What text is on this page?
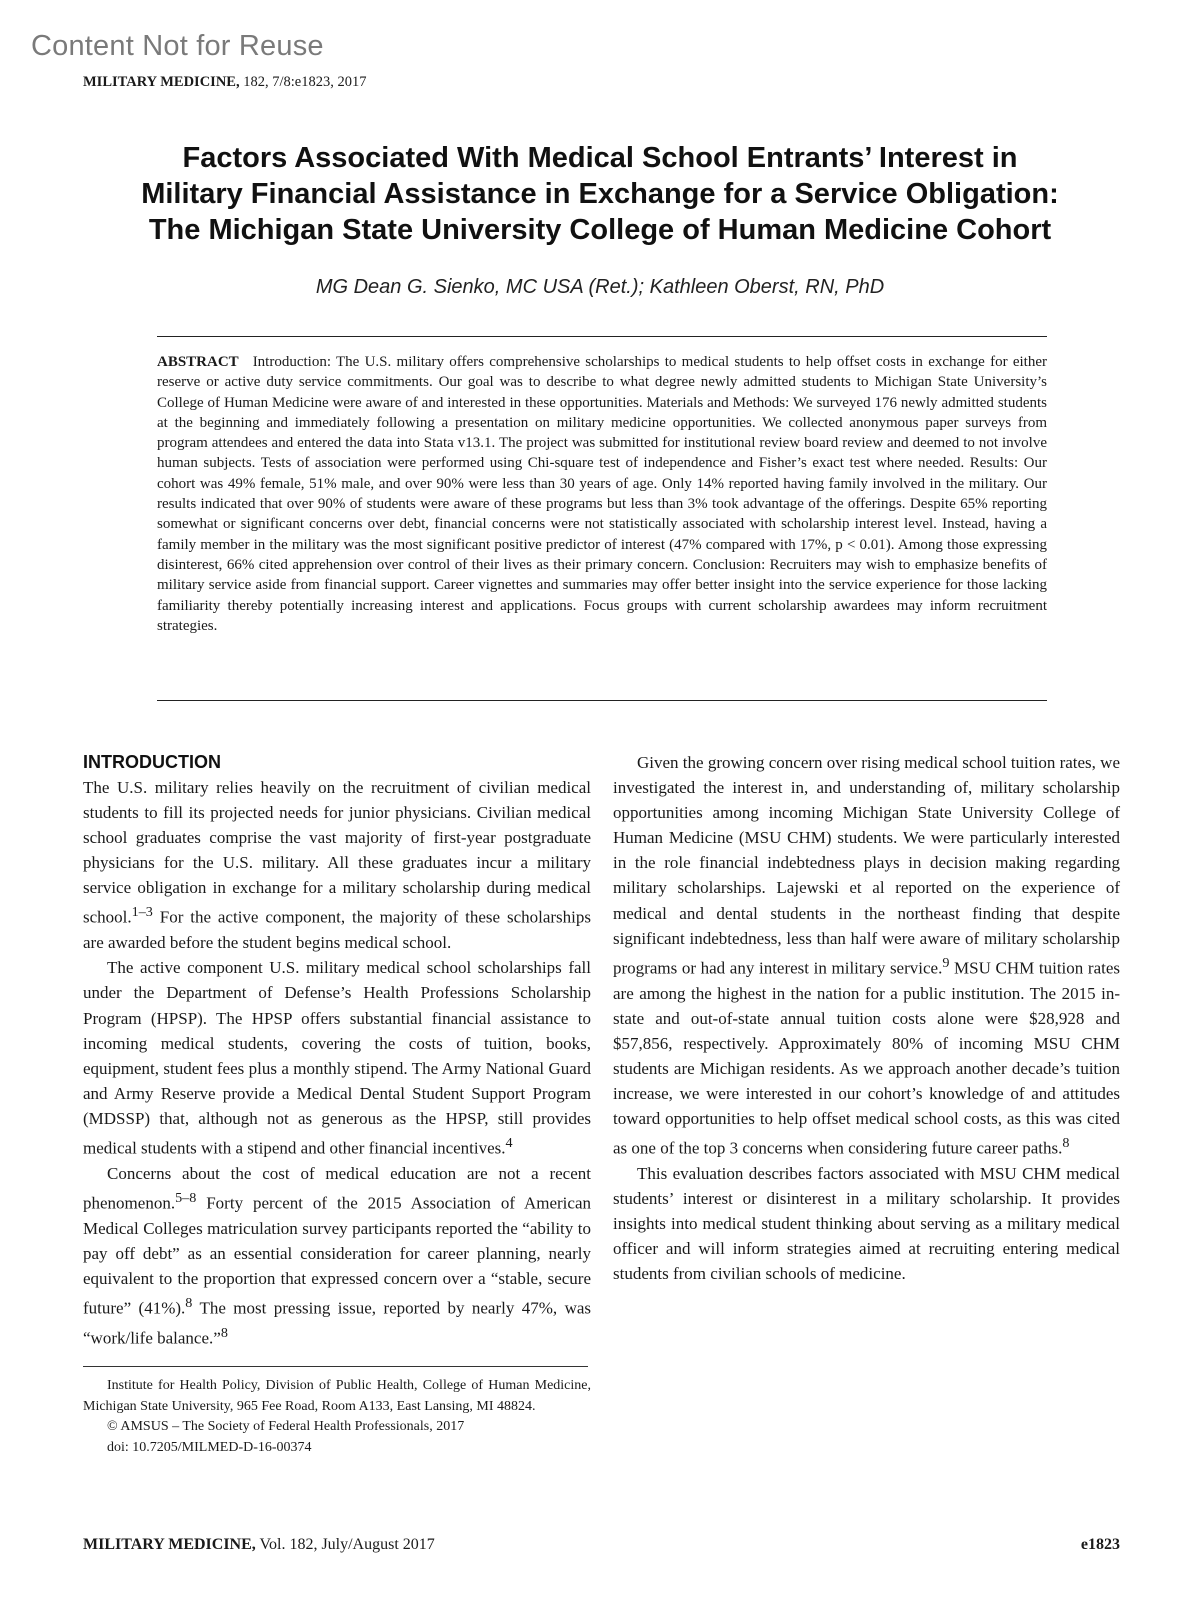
Content Not for Reuse
MILITARY MEDICINE, 182, 7/8:e1823, 2017
Factors Associated With Medical School Entrants’ Interest in
Military Financial Assistance in Exchange for a Service Obligation:
The Michigan State University College of Human Medicine Cohort
MG Dean G. Sienko, MC USA (Ret.); Kathleen Oberst, RN, PhD
ABSTRACT Introduction: The U.S. military offers comprehensive scholarships to medical students to help offset costs in exchange for either reserve or active duty service commitments. Our goal was to describe to what degree newly admitted students to Michigan State University’s College of Human Medicine were aware of and interested in these opportunities. Materials and Methods: We surveyed 176 newly admitted students at the beginning and immediately following a presentation on military medicine opportunities. We collected anonymous paper surveys from program attendees and entered the data into Stata v13.1. The project was submitted for institutional review board review and deemed to not involve human subjects. Tests of association were performed using Chi-square test of independence and Fisher’s exact test where needed. Results: Our cohort was 49% female, 51% male, and over 90% were less than 30 years of age. Only 14% reported having family involved in the military. Our results indicated that over 90% of students were aware of these programs but less than 3% took advantage of the offerings. Despite 65% reporting somewhat or significant concerns over debt, financial concerns were not statistically associated with scholarship interest level. Instead, having a family member in the military was the most significant positive predictor of interest (47% compared with 17%, p < 0.01). Among those expressing disinterest, 66% cited apprehension over control of their lives as their primary concern. Conclusion: Recruiters may wish to emphasize benefits of military service aside from financial support. Career vignettes and summaries may offer better insight into the service experience for those lacking familiarity thereby potentially increasing interest and applications. Focus groups with current scholarship awardees may inform recruitment strategies.
INTRODUCTION

The U.S. military relies heavily on the recruitment of civilian medical students to fill its projected needs for junior physicians. Civilian medical school graduates comprise the vast majority of first-year postgraduate physicians for the U.S. military. All these graduates incur a military service obligation in exchange for a military scholarship during medical school.$^{1-3}$ For the active component, the majority of these scholarships are awarded before the student begins medical school.

The active component U.S. military medical school scholarships fall under the Department of Defense’s Health Professions Scholarship Program (HPSP). The HPSP offers substantial financial assistance to incoming medical students, covering the costs of tuition, books, equipment, student fees plus a monthly stipend. The Army National Guard and Army Reserve provide a Medical Dental Student Support Program (MDSSP) that, although not as generous as the HPSP, still provides medical students with a stipend and other financial incentives.$^4$

Concerns about the cost of medical education are not a recent phenomenon.$^{5-8}$ Forty percent of the 2015 Association of American Medical Colleges matriculation survey participants reported the “ability to pay off debt” as an essential consideration for career planning, nearly equivalent to the proportion that expressed concern over a “stable, secure future” (41%).$^8$ The most pressing issue, reported by nearly 47%, was “work/life balance.”$^8$

Institute for Health Policy, Division of Public Health, College of Human Medicine, Michigan State University, 965 Fee Road, Room A133, East Lansing, MI 48824.

© AMSUS – The Society of Federal Health Professionals, 2017

doi: 10.7205/MILMED-D-16-00374

Given the growing concern over rising medical school tuition rates, we investigated the interest in, and understanding of, military scholarship opportunities among incoming Michigan State University College of Human Medicine (MSU CHM) students. We were particularly interested in the role financial indebtedness plays in decision making regarding military scholarships. Lajewski et al reported on the experience of medical and dental students in the northeast finding that despite significant indebtedness, less than half were aware of military scholarship programs or had any interest in military service.$^9$ MSU CHM tuition rates are among the highest in the nation for a public institution. The 2015 in-state and out-of-state annual tuition costs alone were $28,928 and $57,856, respectively. Approximately 80% of incoming MSU CHM students are Michigan residents. As we approach another decade’s tuition increase, we were interested in our cohort’s knowledge of and attitudes toward opportunities to help offset medical school costs, as this was cited as one of the top 3 concerns when considering future career paths.$^8$

This evaluation describes factors associated with MSU CHM medical students’ interest or disinterest in a military scholarship. It provides insights into medical student thinking about serving as a military medical officer and will inform strategies aimed at recruiting entering medical students from civilian schools of medicine.

MILITARY MEDICINE, Vol. 182, July/August 2017	e1823
